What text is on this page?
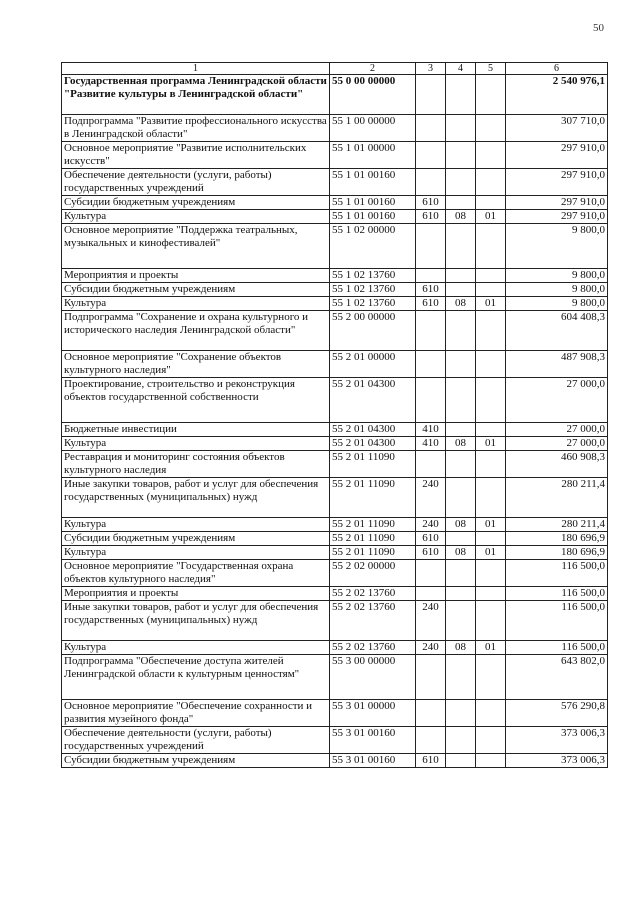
50
1	2	3	4	5	6
Государственная программа Ленинградской области "Развитие культуры в Ленинградской области"	55 0 00 00000				2 540 976,1
Подпрограмма "Развитие профессионального искусства в Ленинградской области"	55 1 00 00000				307 710,0
Основное мероприятие "Развитие исполнительских искусств"	55 1 01 00000				297 910,0
Обеспечение деятельности (услуги, работы) государственных учреждений	55 1 01 00160				297 910,0
Субсидии бюджетным учреждениям	55 1 01 00160	610			297 910,0
Культура	55 1 01 00160	610	08	01	297 910,0
Основное мероприятие "Поддержка театральных, музыкальных и кинофестивалей"	55 1 02 00000				9 800,0
Мероприятия и проекты	55 1 02 13760				9 800,0
Субсидии бюджетным учреждениям	55 1 02 13760	610			9 800,0
Культура	55 1 02 13760	610	08	01	9 800,0
Подпрограмма "Сохранение и охрана культурного и исторического наследия Ленинградской области"	55 2 00 00000				604 408,3
Основное мероприятие "Сохранение объектов культурного наследия"	55 2 01 00000				487 908,3
Проектирование, строительство и реконструкция объектов государственной собственности	55 2 01 04300				27 000,0
Бюджетные инвестиции	55 2 01 04300	410			27 000,0
Культура	55 2 01 04300	410	08	01	27 000,0
Реставрация и мониторинг состояния объектов культурного наследия	55 2 01 11090				460 908,3
Иные закупки товаров, работ и услуг для обеспечения государственных (муниципальных) нужд	55 2 01 11090	240			280 211,4
Культура	55 2 01 11090	240	08	01	280 211,4
Субсидии бюджетным учреждениям	55 2 01 11090	610			180 696,9
Культура	55 2 01 11090	610	08	01	180 696,9
Основное мероприятие "Государственная охрана объектов культурного наследия"	55 2 02 00000				116 500,0
Мероприятия и проекты	55 2 02 13760				116 500,0
Иные закупки товаров, работ и услуг для обеспечения государственных (муниципальных) нужд	55 2 02 13760	240			116 500,0
Культура	55 2 02 13760	240	08	01	116 500,0
Подпрограмма "Обеспечение доступа жителей Ленинградской области к культурным ценностям"	55 3 00 00000				643 802,0
Основное мероприятие "Обеспечение сохранности и развития музейного фонда"	55 3 01 00000				576 290,8
Обеспечение деятельности (услуги, работы) государственных учреждений	55 3 01 00160				373 006,3
Субсидии бюджетным учреждениям	55 3 01 00160	610			373 006,3
